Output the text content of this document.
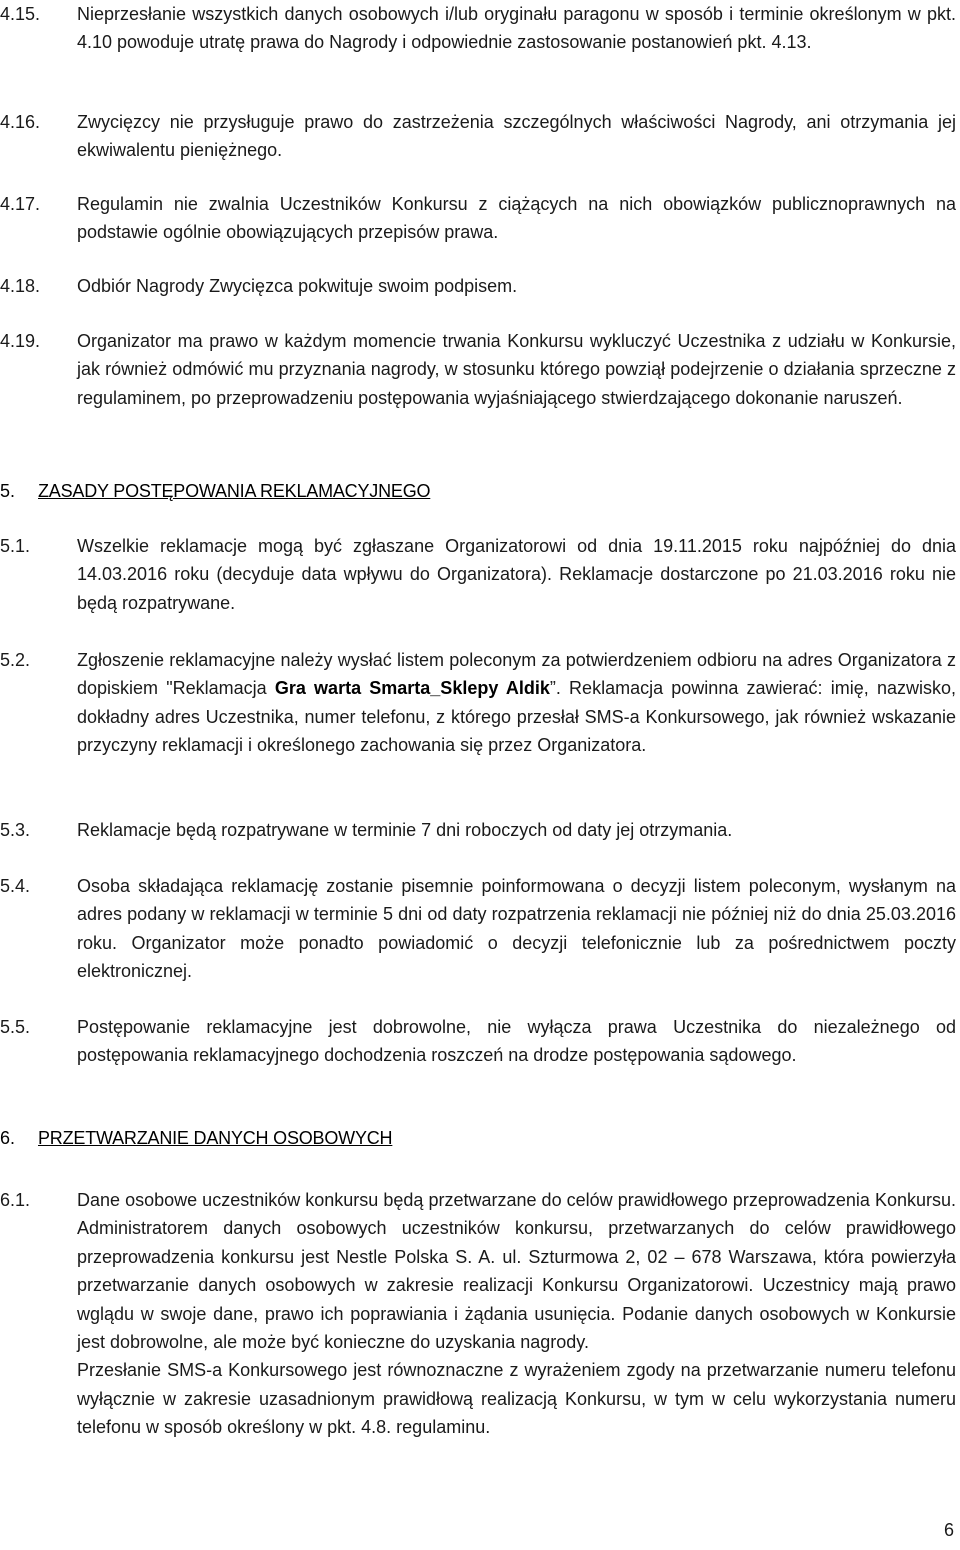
4.15.	Nieprzesłanie wszystkich danych osobowych i/lub oryginału paragonu w sposób i terminie określonym w pkt. 4.10 powoduje utratę prawa do Nagrody i odpowiednie zastosowanie postanowień pkt. 4.13.
4.16.	Zwycięzcy nie przysługuje prawo do zastrzeżenia szczególnych właściwości Nagrody, ani otrzymania jej ekwiwalentu pieniężnego.
4.17.	Regulamin nie zwalnia Uczestników Konkursu z ciążących na nich obowiązków publicznoprawnych na podstawie ogólnie obowiązujących przepisów prawa.
4.18.	Odbiór Nagrody Zwycięzca pokwituje swoim podpisem.
4.19.	Organizator ma prawo w każdym momencie trwania Konkursu wykluczyć Uczestnika z udziału w Konkursie, jak również odmówić mu przyznania nagrody, w stosunku którego powziął podejrzenie o działania sprzeczne z regulaminem, po przeprowadzeniu postępowania wyjaśniającego stwierdzającego dokonanie naruszeń.
5.	ZASADY POSTĘPOWANIA REKLAMACYJNEGO
5.1.	Wszelkie reklamacje mogą być zgłaszane Organizatorowi od dnia 19.11.2015 roku najpóźniej do dnia 14.03.2016 roku (decyduje data wpływu do Organizatora). Reklamacje dostarczone po 21.03.2016 roku nie będą rozpatrywane.
5.2.	Zgłoszenie reklamacyjne należy wysłać listem poleconym za potwierdzeniem odbioru na adres Organizatora z dopiskiem "Reklamacja Gra warta Smarta_Sklepy Aldik”. Reklamacja powinna zawierać: imię, nazwisko, dokładny adres Uczestnika, numer telefonu, z którego przesłał SMS-a Konkursowego, jak również wskazanie przyczyny reklamacji i określonego zachowania się przez Organizatora.
5.3.	Reklamacje będą rozpatrywane w terminie 7 dni roboczych od daty jej otrzymania.
5.4.	Osoba składająca reklamację zostanie pisemnie poinformowana o decyzji listem poleconym, wysłanym na adres podany w reklamacji w terminie 5 dni od daty rozpatrzenia reklamacji nie później niż do dnia 25.03.2016 roku. Organizator może ponadto powiadomić o decyzji telefonicznie lub za pośrednictwem poczty elektronicznej.
5.5.	Postępowanie reklamacyjne jest dobrowolne, nie wyłącza prawa Uczestnika do niezależnego od postępowania reklamacyjnego dochodzenia roszczeń na drodze postępowania sądowego.
6.	PRZETWARZANIE DANYCH OSOBOWYCH
6.1.	Dane osobowe uczestników konkursu będą przetwarzane do celów prawidłowego przeprowadzenia Konkursu. Administratorem danych osobowych uczestników konkursu, przetwarzanych do celów prawidłowego przeprowadzenia konkursu jest Nestle Polska S. A. ul. Szturmowa 2, 02 – 678 Warszawa, która powierzyła przetwarzanie danych osobowych w zakresie realizacji Konkursu Organizatorowi. Uczestnicy mają prawo wglądu w swoje dane, prawo ich poprawiania i żądania usunięcia. Podanie danych osobowych w Konkursie jest dobrowolne, ale może być konieczne do uzyskania nagrody.
Przesłanie SMS-a Konkursowego jest równoznaczne z wyrażeniem zgody na przetwarzanie numeru telefonu wyłącznie w zakresie uzasadnionym prawidłową realizacją Konkursu, w tym w celu wykorzystania numeru telefonu w sposób określony w pkt. 4.8. regulaminu.
6
